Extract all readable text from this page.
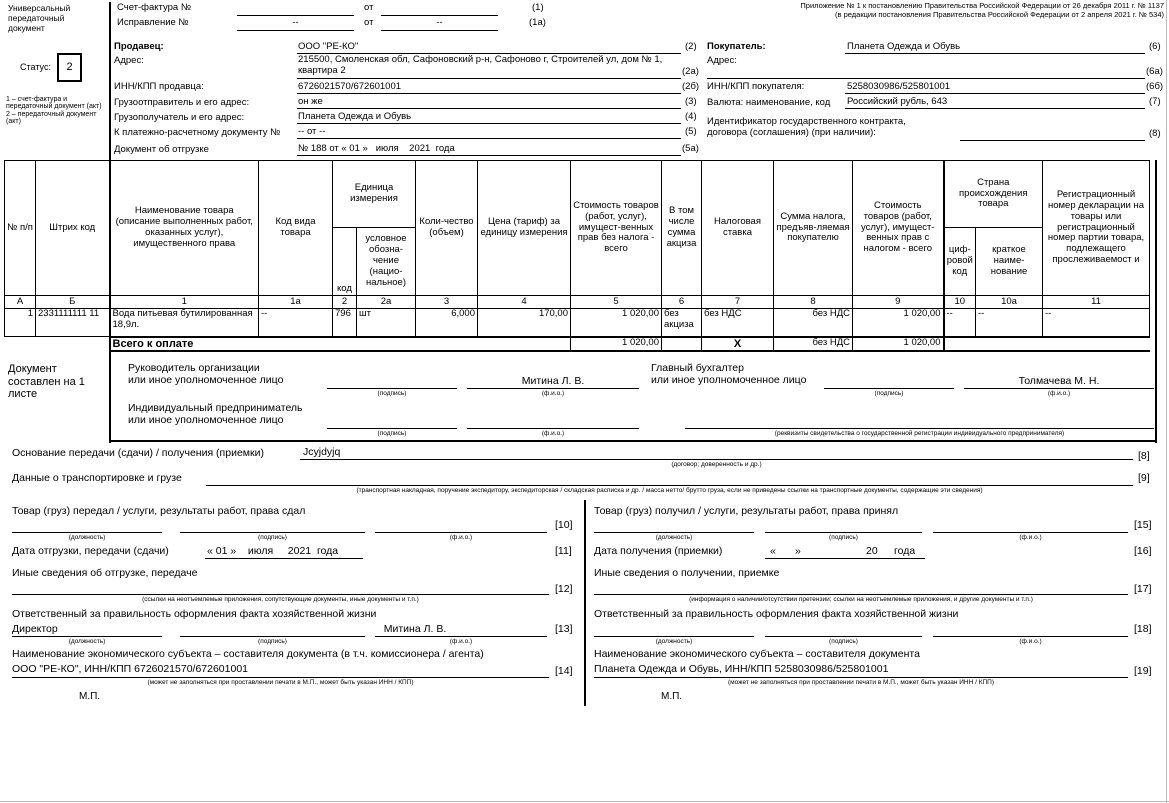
Универсальный передаточный документ
Статус:	2
1 – счет-фактура и передаточный документ (акт)
2 – передаточный документ (акт)
Счет-фактура №	от	(1)
Исправление №	--	от	--	(1а)
Приложение № 1 к постановлению Правительства Российской Федерации от 26 декабря 2011 г. № 1137
(в редакции постановления Правительства Российской Федерации от 2 апреля 2021 г. № 534)
Продавец:	ООО "РЕ-КО"	(2)
Адрес:	215500, Смоленская обл, Сафоновский р-н, Сафоново г, Строителей ул, дом № 1, квартира 2	(2а)
ИНН/КПП продавца:	6726021570/672601001	(2б)
Грузоотправитель и его адрес:	он же	(3)
Грузополучатель и его адрес:	Планета Одежда и Обувь	(4)
К платежно-расчетному документу № -- от --	(5)
Документ об отгрузке	№ 188 от « 01 »   июля    2021  года	(5а)
Покупатель:	Планета Одежда и Обувь	(6)
Адрес:
(6а)
ИНН/КПП покупателя:	5258030986/525801001	(6б)
Валюта: наименование, код Российский рубль, 643	(7)
Идентификатор государственного контракта,
договора (соглашения) (при наличии):	(8)
№ п/п	Штрих код	Наименование товара (описание выполненных работ, оказанных услуг), имущественного права	Код вида товара	Единица измерения		Коли-чество (объем)	Цена (тариф) за единицу измерения	Стоимость товаров (работ, услуг), имущест-венных прав без налога - всего	В том числе сумма акциза	Налоговая ставка	Сумма налога, предъяв-ляемая покупателю	Стоимость товаров (работ, услуг), имущест-венных прав с налогом - всего	Страна происхождения товара		Регистрационный номер декларации на товары или регистрационный номер партии товара, подлежащего прослеживаемост и
				код	условное обозна-чение (нацио-нальное)								циф-ровой код	краткое наиме-нование	
А	Б	1	1а	2	2а	3	4	5	6	7	8	9	10	10а	11
1	2331111111 11	Вода питьевая бутилированная 18,9л.	--	796	шт	6,000	170,00	1 020,00	без акциза	без НДС	без НДС	1 020,00	--	--	--
		Всего к оплате						1 020,00		X	без НДС	1 020,00			
Документ составлен на 1 листе
Руководитель организации
или иное уполномоченное лицо
(подпись)
Митина Л. В.
(ф.и.о.)
Главный бухгалтер
или иное уполномоченное лицо
(подпись)
Толмачева М. Н.
(ф.и.о.)
Индивидуальный предприниматель
или иное уполномоченное лицо
(подпись)	(ф.и.о.)	(реквизиты свидетельства о государственной регистрации индивидуального предпринимателя)
Основание передачи (сдачи) / получения (приемки)	Jcyjdyjq	[8]
(договор; доверенность и др.)
Данные о транспортировке и грузе	[9]
(транспортная накладная, поручение экспедитору, экспедиторская / складская расписка и др. / масса нетто/ брутто груза, если не приведены ссылки на транспортные документы, содержащие эти сведения)
Товар (груз) передал / услуги, результаты работ, права сдал
(должность)	(подпись)	(ф.и.о.)
[10]
Дата отгрузки, передачи (сдачи)	« 01 »    июля     2021  года	[11]
Иные сведения об отгрузке, передаче
[12]
(ссылки на неотъемлемые приложения, сопутствующие документы, иные документы и т.п.)
Ответственный за правильность оформления факта хозяйственной жизни
Директор
(должность)	(подпись)
Митина Л. В.
(ф.и.о.)
[13]
Наименование экономического субъекта – составителя документа (в т.ч. комиссионера / агента)
ООО "РЕ-КО", ИНН/КПП 6726021570/672601001	[14]
(может не заполняться при проставлении печати в М.П., может быть указан ИНН / КПП)
М.П.
Товар (груз) получил / услуги, результаты работ, права принял
(должность)	(подпись)	(ф.и.о.)
[15]
Дата получения (приемки)	« »	20 года	[16]
Иные сведения о получении, приемке
[17]
(информация о наличии/отсутствии претензии; ссылки на неотъемлемые приложения, и другие документы и т.п.)
Ответственный за правильность оформления факта хозяйственной жизни
(должность)	(подпись)	(ф.и.о.)
[18]
Наименование экономического субъекта – составителя документа
Планета Одежда и Обувь, ИНН/КПП 5258030986/525801001	[19]
(может не заполняться при проставлении печати в М.П., может быть указан ИНН / КПП)
М.П.
